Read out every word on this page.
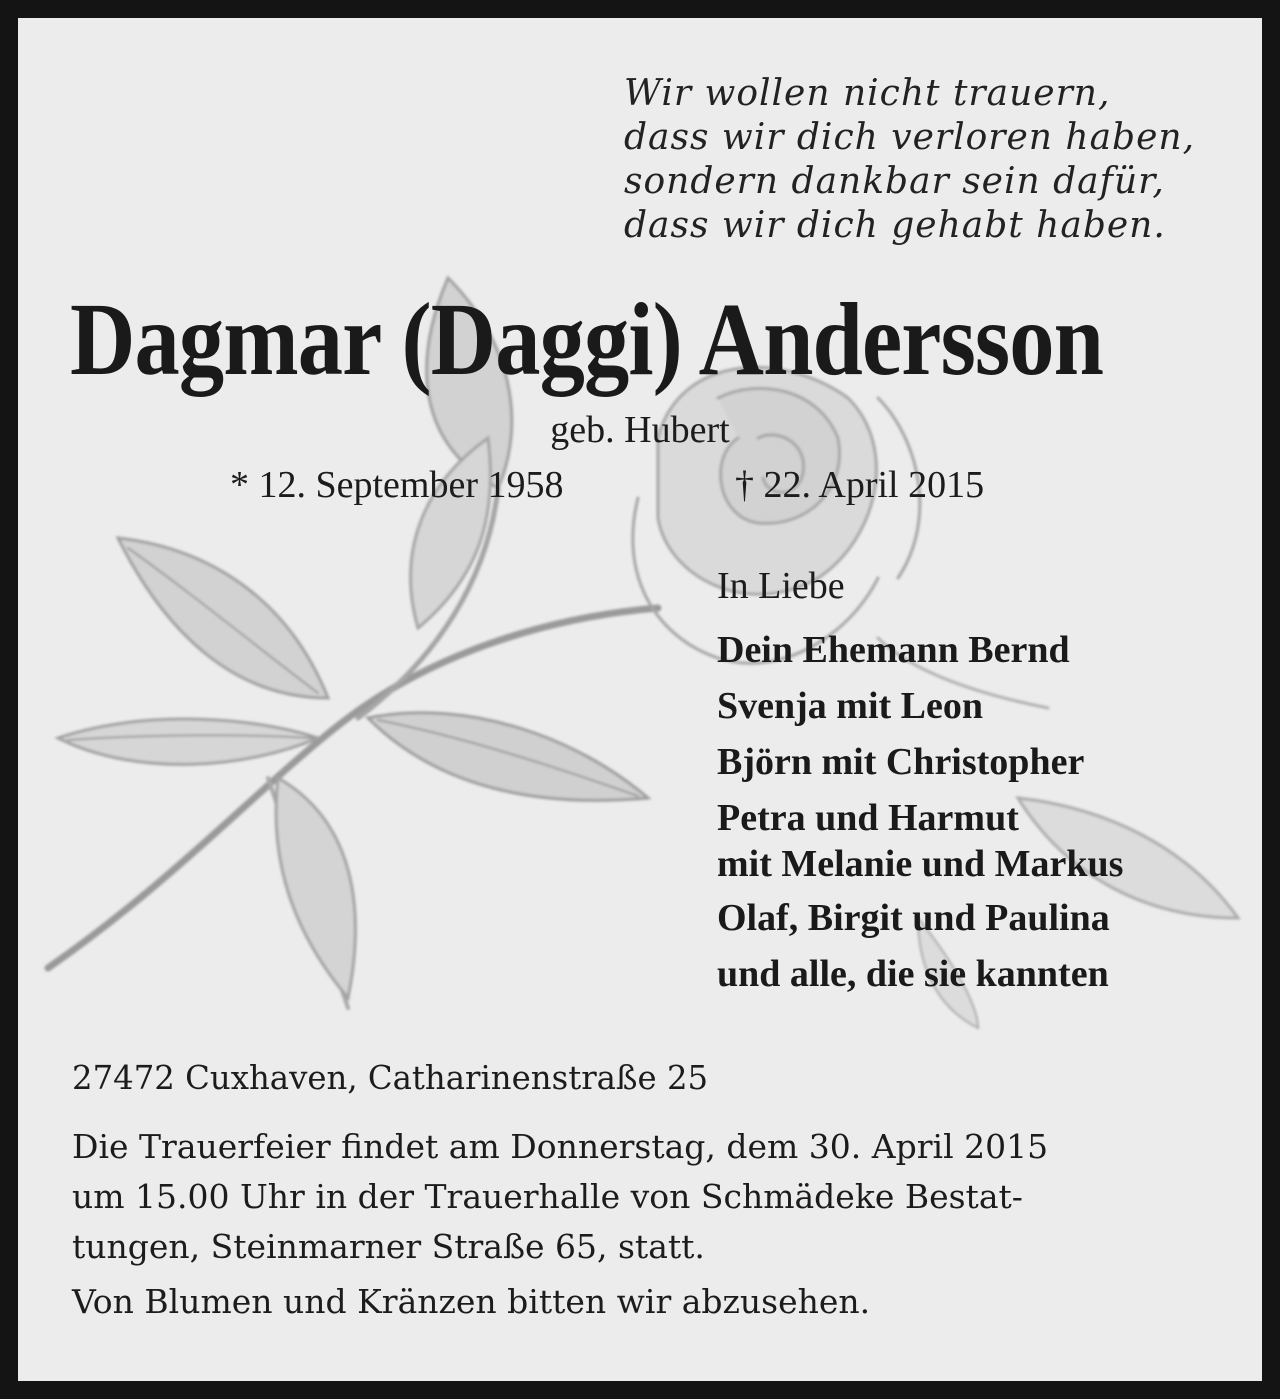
Wir wollen nicht trauern,
dass wir dich verloren haben,
sondern dankbar sein dafür,
dass wir dich gehabt haben.
Dagmar (Daggi) Andersson
geb. Hubert
* 12. September 1958	† 22. April 2015
In Liebe
Dein Ehemann Bernd
Svenja mit Leon
Björn mit Christopher
Petra und Harmut
mit Melanie und Markus
Olaf, Birgit und Paulina
und alle, die sie kannten
27472 Cuxhaven, Catharinenstraße 25
Die Trauerfeier findet am Donnerstag, dem 30. April 2015
um 15.00 Uhr in der Trauerhalle von Schmädeke Bestat-
tungen, Steinmarner Straße 65, statt.
Von Blumen und Kränzen bitten wir abzusehen.
